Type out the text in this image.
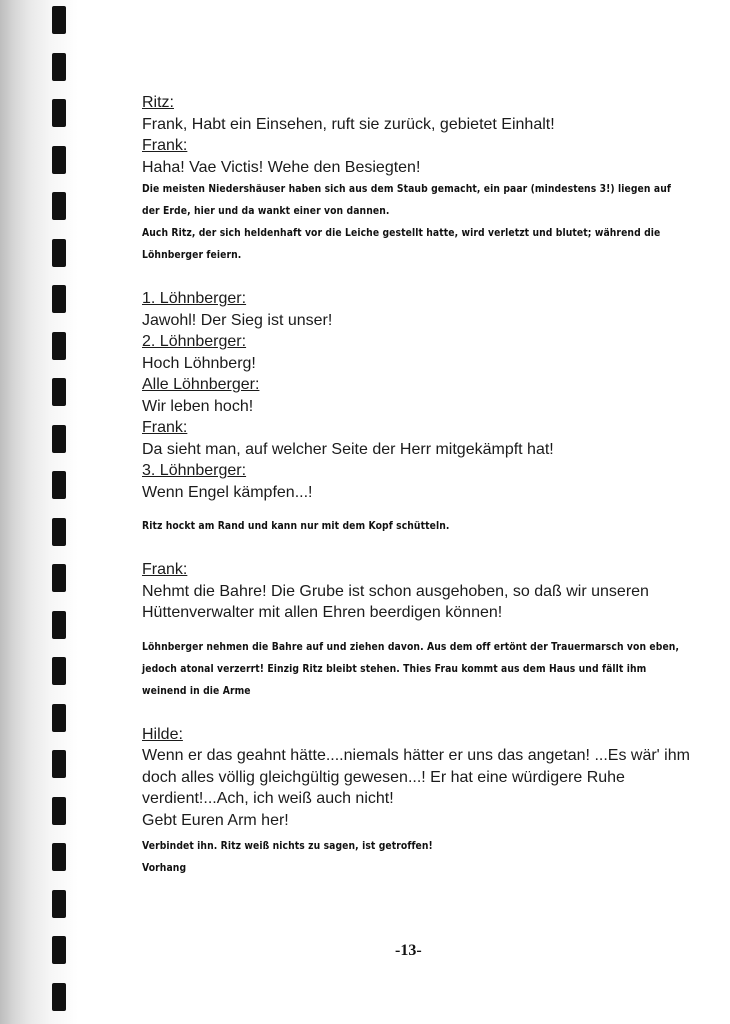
Ritz:

Frank, Habt ein Einsehen, ruft sie zurück, gebietet Einhalt!

Frank:

Haha! Vae Victis! Wehe den Besiegten!

Die meisten Niedershäuser haben sich aus dem Staub gemacht, ein paar (mindestens 3!) liegen auf der Erde, hier und da wankt einer von dannen.

Auch Ritz, der sich heldenhaft vor die Leiche gestellt hatte, wird verletzt und blutet; während die Löhnberger feiern.

1. Löhnberger:

Jawohl! Der Sieg ist unser!

2. Löhnberger:

Hoch Löhnberg!

Alle Löhnberger:

Wir leben hoch!

Frank:

Da sieht man, auf welcher Seite der Herr mitgekämpft hat!

3. Löhnberger:

Wenn Engel kämpfen...!

Ritz hockt am Rand und kann nur mit dem Kopf schütteln.

Frank:

Nehmt die Bahre! Die Grube ist schon ausgehoben, so daß wir unseren Hüttenverwalter mit allen Ehren beerdigen können!

Löhnberger nehmen die Bahre auf und ziehen davon. Aus dem off ertönt der Trauermarsch von eben, jedoch atonal verzerrt! Einzig Ritz bleibt stehen. Thies Frau kommt aus dem Haus und fällt ihm weinend in die Arme

Hilde:

Wenn er das geahnt hätte....niemals hätter er uns das angetan! ...Es wär' ihm doch alles völlig gleichgültig gewesen...! Er hat eine würdigere Ruhe verdient!...Ach, ich weiß auch nicht!

Gebt Euren Arm her!

Verbindet ihn. Ritz weiß nichts zu sagen, ist getroffen!

Vorhang

-13-
